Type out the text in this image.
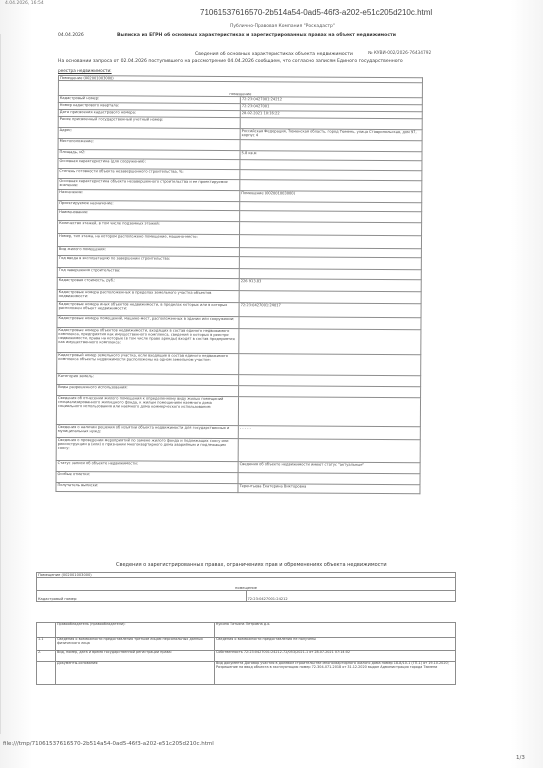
4.04.2026, 16:54
71061537616570-2b514a54-0ad5-46f3-a202-e51c205d210c.html
Публично-Правовая Компания "Роскадастр"
04.04.2026	Выписка из ЕГРН об основных характеристиках и зарегистрированных правах на объект недвижимости
Сведения об основных характеристиках объекта недвижимости	№ КУВИ-002/2026-76434792
На основании запроса от 02.04.2026 поступившего на рассмотрение 04.04.2026 сообщаем, что согласно записям Единого государственного
реестра недвижимости:
Помещение (002001003000)	
помещение	
Кадастровый номер:	72:23:0427001:24212
Номер кадастрового квартала:	72:23:0427001
Дата присвоения кадастрового номера:	28.02.2021 10:16:22
Ранее присвоенный государственный учетный номер:	
Адрес:	Российская Федерация, Тюменская область, город Тюмень, улица Ставропольская, дом 97, корпус 4
Местоположение:	
Площадь, м2:	5.8 кв.м
Основная характеристика (для сооружения):	
Степень готовности объекта незавершенного строительства, %:	
Основная характеристика объекта незавершенного строительства и ее проектируемое значение:	
Назначение:	Помещение (002001003000)
Проектируемое назначение:	
Наименование:	
Количество этажей, в том числе подземных этажей:	
Номер, тип этажа, на котором расположено помещение, машино-место:	
Вид жилого помещения:	
Год ввода в эксплуатацию по завершении строительства:	
Год завершения строительства:	
Кадастровая стоимость, руб.:	226 913.83
Кадастровые номера расположенных в пределах земельного участка объектов недвижимости:	
Кадастровые номера иных объектов недвижимости, в пределах которых или в которых расположен объект недвижимости:	72:23:0427001:24017
Кадастровые номера помещений, машино-мест, расположенных в здании или сооружении:	
Кадастровые номера объектов недвижимости, входящих в состав единого недвижимого комплекса, предприятия как имущественного комплекса, сведения о которых в реестре недвижимости, права на которые (в том числе право аренды) входят в состав предприятия как имущественного комплекса:	
Кадастровый номер земельного участка, если входящие в состав единого недвижимого комплекса объекты недвижимости расположены на одном земельном участке:	
Категория земель:	
Виды разрешенного использования:	
Сведения об отнесении жилого помещения к определенному виду жилых помещений специализированного жилищного фонда, к жилым помещениям наемного дома социального использования или наемного дома коммерческого использования:	
Сведения о наличии решения об изъятии объекта недвижимости для государственных и муниципальных нужд:	- - - - -
Сведения о проведении мероприятий по замене жилого фонда и подлежащих сносу или реконструкции в (или) о признании многоквартирного дома аварийным и подлежащим сносу:	
Статус записи об объекте недвижимости:	Сведения об объекте недвижимости имеют статус "актуальные"
Особые отметки:	
Получатель выписки:	Терентьева Екатерина Викторовна
Сведения о зарегистрированных правах, ограничениях прав и обременениях объекта недвижимости
Помещение (002001003000)
помещение
Кадастровый номер:	72:23:0427001:24212
	Правообладатель (правообладатели):	Кукина Татьяна Петровна д.о.
1.1	Сведения о возможности предоставления третьим лицам персональных данных физического лица	Сведения о возможности предоставления не получены
2.	Вид, номер, дата и время государственной регистрации права:	Собственность 72:23:0427001:24212-72/053/2021-1 от 28.07.2021 07:14:02
	Документы-основания:	Вид документа Договор участия в долевом строительстве многоквартирного жилого дома номер 18-8/10-1 (ГП-1) от 19.10.2020; Разрешение на ввод объекта в эксплуатацию номер 72-304-071-2018 от 31.12.2020 выдан Администрация города Тюмени
file:///tmp/71061537616570-2b514a54-0ad5-46f3-a202-e51c205d210c.html
1/3
